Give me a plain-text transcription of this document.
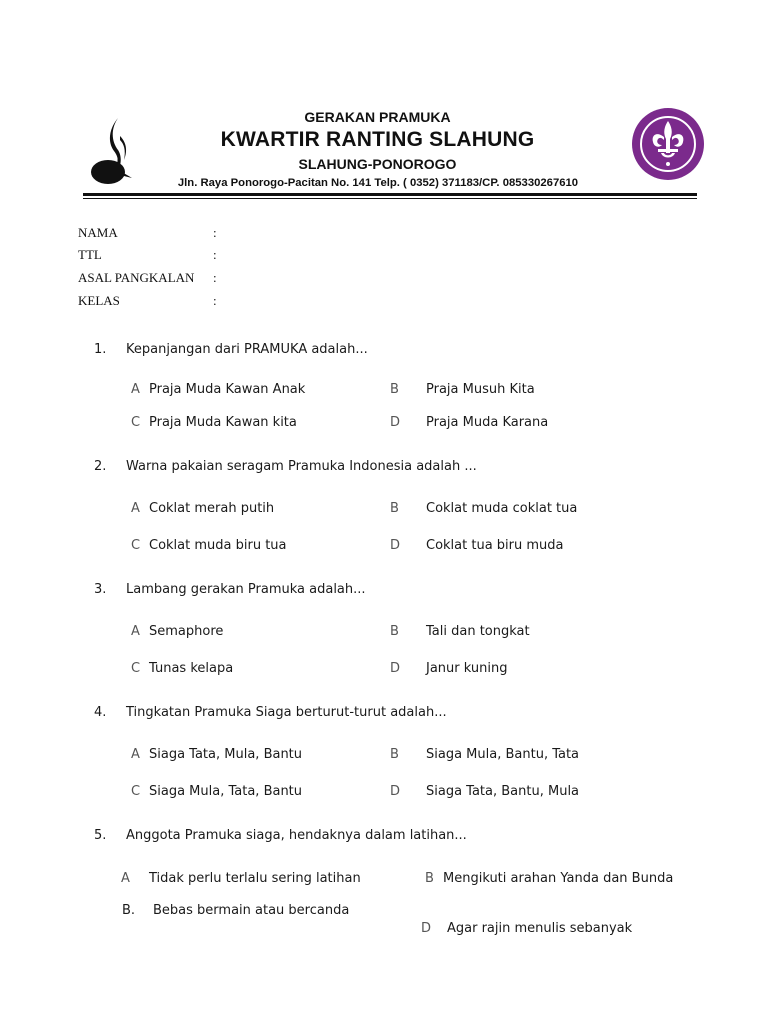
GERAKAN PRAMUKA
KWARTIR RANTING SLAHUNG
SLAHUNG-PONOROGO
Jln. Raya Ponorogo-Pacitan No. 141 Telp. ( 0352) 371183/CP. 085330267610
NAMA	:
TTL	:
ASAL PANGKALAN :
KELAS	:
1. Kepanjangan dari PRAMUKA adalah...
A Praja Muda Kawan Anak	B Praja Musuh Kita
C Praja Muda Kawan kita	D Praja Muda Karana
2. Warna pakaian seragam Pramuka Indonesia adalah ...
A Coklat merah putih	B Coklat muda coklat tua
C Coklat muda biru tua	D Coklat tua biru muda
3. Lambang gerakan Pramuka adalah...
A Semaphore	B Tali dan tongkat
C Tunas kelapa	D Janur kuning
4. Tingkatan Pramuka Siaga berturut-turut adalah...
A Siaga Tata, Mula, Bantu	B Siaga Mula, Bantu, Tata
C Siaga Mula, Tata, Bantu	D Siaga Tata, Bantu, Mula
5. Anggota Pramuka siaga, hendaknya dalam latihan...
A Tidak perlu terlalu sering latihan	B Mengikuti arahan Yanda dan Bunda
B. Bebas bermain atau bercanda
D Agar rajin menulis sebanyak
